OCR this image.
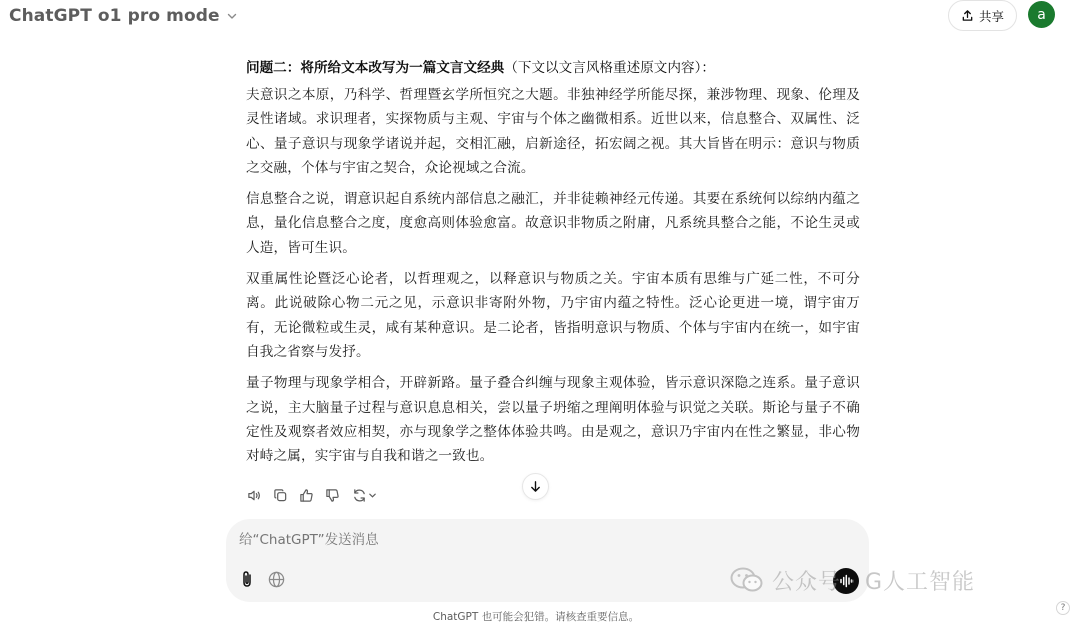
ChatGPT o1 pro mode	共享 a

问题二：将所给文本改写为一篇文言文经典（下文以文言风格重述原文内容）：

夫意识之本原，乃科学、哲理暨玄学所恒究之大题。非独神经学所能尽探，兼涉物理、现象、伦理及灵性诸域。求识理者，实探物质与主观、宇宙与个体之幽微相系。近世以来，信息整合、双属性、泛心、量子意识与现象学诸说并起，交相汇融，启新途径，拓宏阔之视。其大旨皆在明示：意识与物质之交融，个体与宇宙之契合，众论视域之合流。

信息整合之说，谓意识起自系统内部信息之融汇，并非徒赖神经元传递。其要在系统何以综纳内蕴之息，量化信息整合之度，度愈高则体验愈富。故意识非物质之附庸，凡系统具整合之能，不论生灵或人造，皆可生识。

双重属性论暨泛心论者，以哲理观之，以释意识与物质之关。宇宙本质有思维与广延二性，不可分离。此说破除心物二元之见，示意识非寄附外物，乃宇宙内蕴之特性。泛心论更进一境，谓宇宙万有，无论微粒或生灵，咸有某种意识。是二论者，皆指明意识与物质、个体与宇宙内在统一，如宇宙自我之省察与发抒。

量子物理与现象学相合，开辟新路。量子叠合纠缠与现象主观体验，皆示意识深隐之连系。量子意识之说，主大脑量子过程与意识息息相关，尝以量子坍缩之理阐明体验与识觉之关联。斯论与量子不确定性及观察者效应相契，亦与现象学之整体体验共鸣。由是观之，意识乃宇宙内在性之繁显，非心物对峙之属，实宇宙与自我和谐之一致也。

给“ChatGPT”发送消息
公众号 · G人工智能
ChatGPT 也可能会犯错。请核查重要信息。
?
